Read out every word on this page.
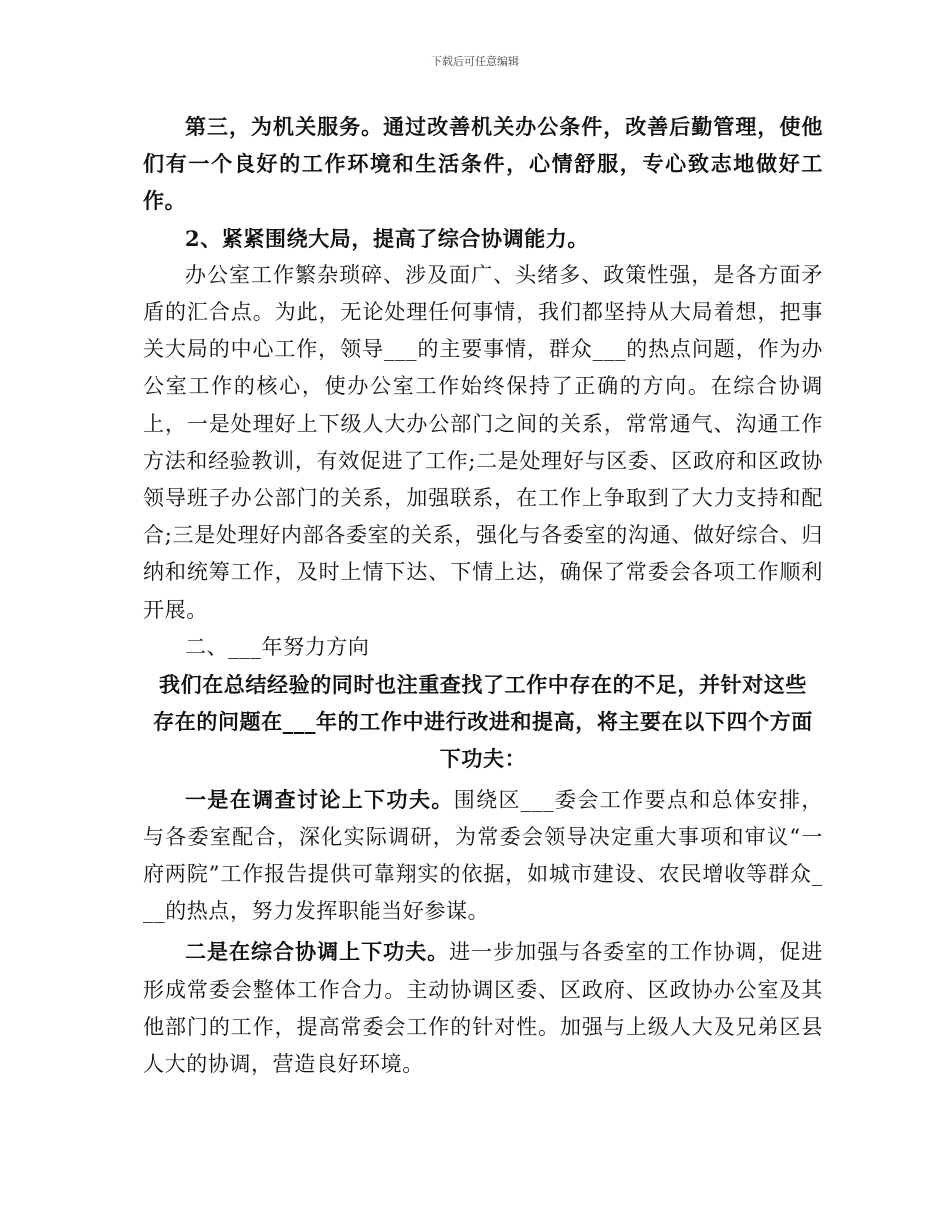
下载后可任意编辑

第三，为机关服务。通过改善机关办公条件，改善后勤管理，使他们有一个良好的工作环境和生活条件，心情舒服，专心致志地做好工作。

2、紧紧围绕大局，提高了综合协调能力。

办公室工作繁杂琐碎、涉及面广、头绪多、政策性强，是各方面矛盾的汇合点。为此，无论处理任何事情，我们都坚持从大局着想，把事关大局的中心工作，领导___的主要事情，群众___的热点问题，作为办公室工作的核心，使办公室工作始终保持了正确的方向。在综合协调上，一是处理好上下级人大办公部门之间的关系，常常通气、沟通工作方法和经验教训，有效促进了工作;二是处理好与区委、区政府和区政协领导班子办公部门的关系，加强联系，在工作上争取到了大力支持和配合;三是处理好内部各委室的关系，强化与各委室的沟通、做好综合、归纳和统筹工作，及时上情下达、下情上达，确保了常委会各项工作顺利开展。

二、___年努力方向

我们在总结经验的同时也注重查找了工作中存在的不足，并针对这些存在的问题在___年的工作中进行改进和提高，将主要在以下四个方面下功夫：

一是在调查讨论上下功夫。围绕区___委会工作要点和总体安排，与各委室配合，深化实际调研，为常委会领导决定重大事项和审议“一府两院”工作报告提供可靠翔实的依据，如城市建设、农民增收等群众___的热点，努力发挥职能当好参谋。

二是在综合协调上下功夫。进一步加强与各委室的工作协调，促进形成常委会整体工作合力。主动协调区委、区政府、区政协办公室及其他部门的工作，提高常委会工作的针对性。加强与上级人大及兄弟区县人大的协调，营造良好环境。
